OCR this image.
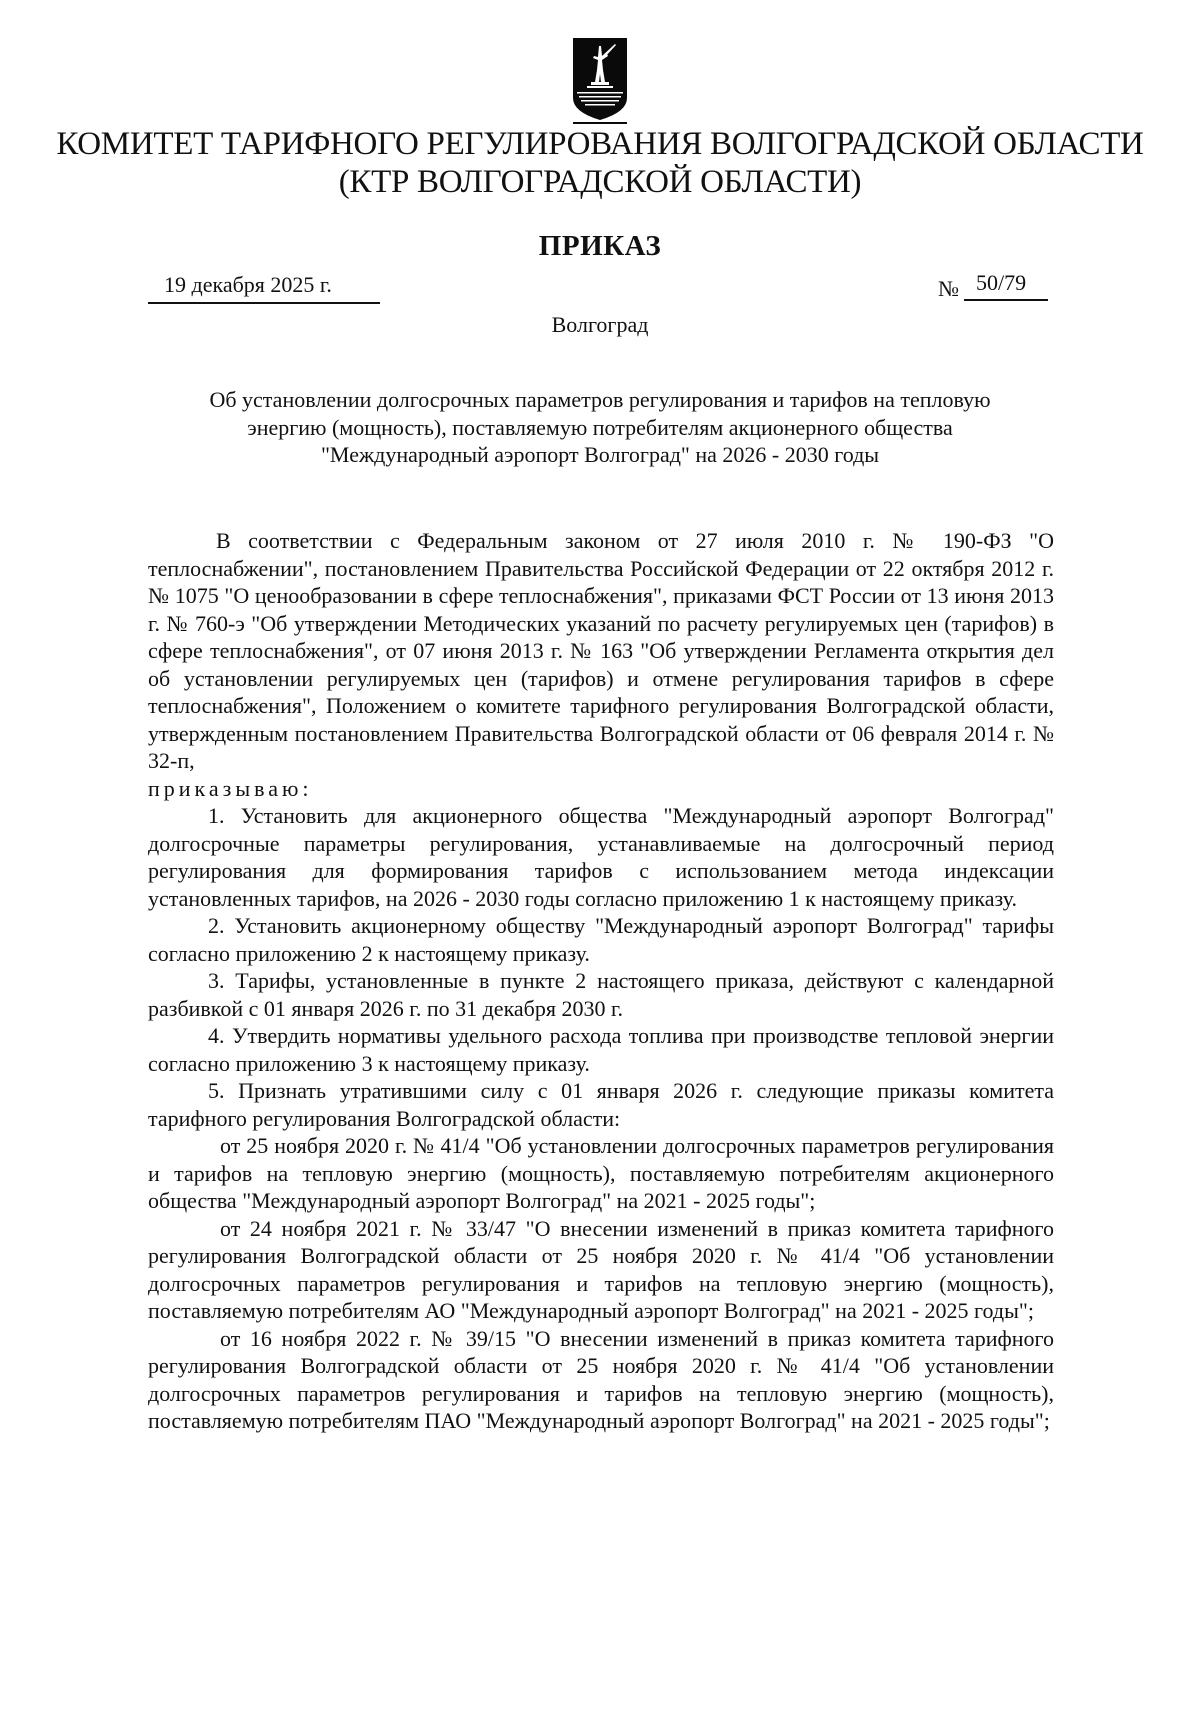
КОМИТЕТ ТАРИФНОГО РЕГУЛИРОВАНИЯ ВОЛГОГРАДСКОЙ ОБЛАСТИ
(КТР ВОЛГОГРАДСКОЙ ОБЛАСТИ)
ПРИКАЗ
19 декабря 2025 г.	№ 50/79
Волгоград
Об установлении долгосрочных параметров регулирования и тарифов на тепловую
энергию (мощность), поставляемую потребителям акционерного общества
"Международный аэропорт Волгоград" на 2026 - 2030 годы

В соответствии с Федеральным законом от 27 июля 2010 г. № 190-ФЗ "О теплоснабжении", постановлением Правительства Российской Федерации от 22 октября 2012 г. № 1075 "О ценообразовании в сфере теплоснабжения", приказами ФСТ России от 13 июня 2013 г. № 760-э "Об утверждении Методических указаний по расчету регулируемых цен (тарифов) в сфере теплоснабжения", от 07 июня 2013 г. № 163 "Об утверждении Регламента открытия дел об установлении регулируемых цен (тарифов) и отмене регулирования тарифов в сфере теплоснабжения", Положением о комитете тарифного регулирования Волгоградской области, утвержденным постановлением Правительства Волгоградской области от 06 февраля 2014 г. № 32-п,

приказываю:

1. Установить для акционерного общества "Международный аэропорт Волгоград" долгосрочные параметры регулирования, устанавливаемые на долгосрочный период регулирования для формирования тарифов с использованием метода индексации установленных тарифов, на 2026 - 2030 годы согласно приложению 1 к настоящему приказу.

2. Установить акционерному обществу "Международный аэропорт Волгоград" тарифы согласно приложению 2 к настоящему приказу.

3. Тарифы, установленные в пункте 2 настоящего приказа, действуют с календарной разбивкой с 01 января 2026 г. по 31 декабря 2030 г.

4. Утвердить нормативы удельного расхода топлива при производстве тепловой энергии согласно приложению 3 к настоящему приказу.

5. Признать утратившими силу с 01 января 2026 г. следующие приказы комитета тарифного регулирования Волгоградской области:

от 25 ноября 2020 г. № 41/4 "Об установлении долгосрочных параметров регулирования и тарифов на тепловую энергию (мощность), поставляемую потребителям акционерного общества "Международный аэропорт Волгоград" на 2021 - 2025 годы";

от 24 ноября 2021 г. № 33/47 "О внесении изменений в приказ комитета тарифного регулирования Волгоградской области от 25 ноября 2020 г. № 41/4 "Об установлении долгосрочных параметров регулирования и тарифов на тепловую энергию (мощность), поставляемую потребителям АО "Международный аэропорт Волгоград" на 2021 - 2025 годы";

от 16 ноября 2022 г. № 39/15 "О внесении изменений в приказ комитета тарифного регулирования Волгоградской области от 25 ноября 2020 г. № 41/4 "Об установлении долгосрочных параметров регулирования и тарифов на тепловую энергию (мощность), поставляемую потребителям ПАО "Международный аэропорт Волгоград" на 2021 - 2025 годы";
